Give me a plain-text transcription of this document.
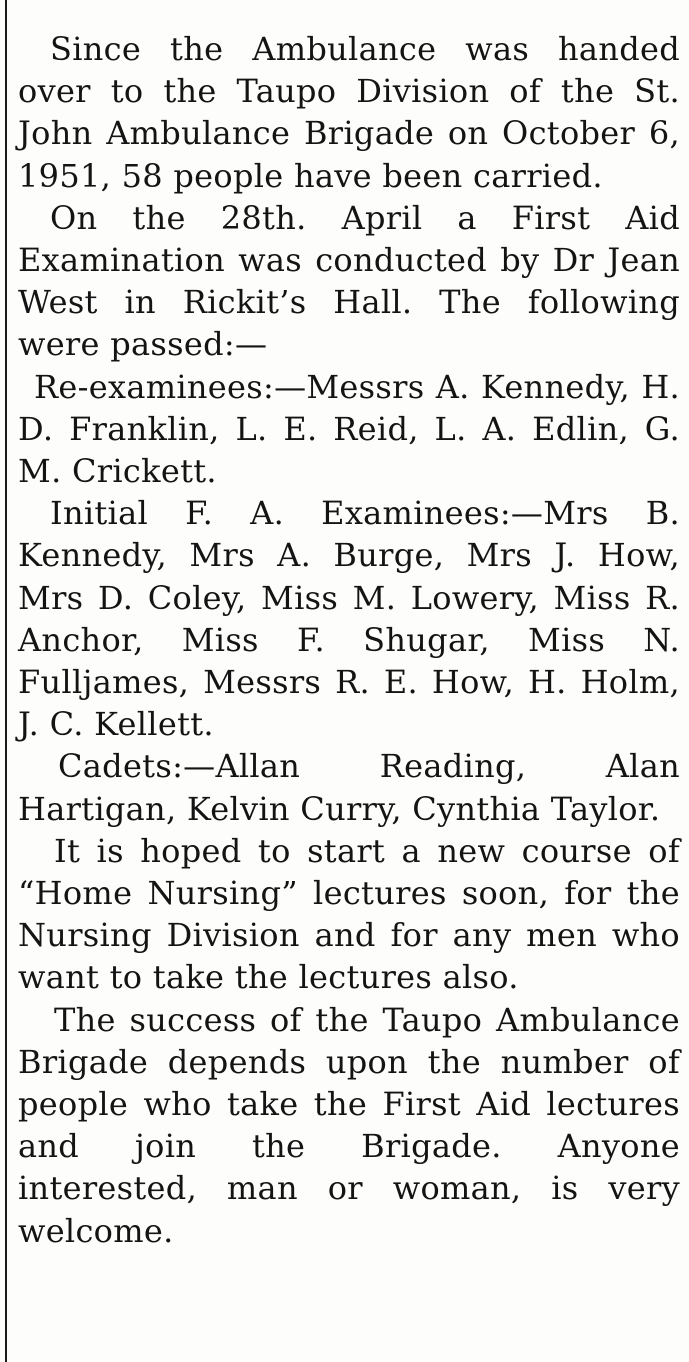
Since the Ambulance was handed over to the Taupo Division of the St. John Ambulance Brigade on October 6, 1951, 58 people have been carried.

On the 28th. April a First Aid Examination was conducted by Dr Jean West in Rickit’s Hall. The following were passed:—

Re-examinees:—Messrs A. Kennedy, H. D. Franklin, L. E. Reid, L. A. Edlin, G. M. Crickett.

Initial F. A. Examinees:—Mrs B. Kennedy, Mrs A. Burge, Mrs J. How, Mrs D. Coley, Miss M. Lowery, Miss R. Anchor, Miss F. Shugar, Miss N. Fulljames, Messrs R. E. How, H. Holm, J. C. Kellett.

Cadets:—Allan Reading, Alan Hartigan, Kelvin Curry, Cynthia Taylor.

It is hoped to start a new course of “Home Nursing” lectures soon, for the Nursing Division and for any men who want to take the lectures also.

The success of the Taupo Ambulance Brigade depends upon the number of people who take the First Aid lectures and join the Brigade. Anyone interested, man or woman, is very welcome.
